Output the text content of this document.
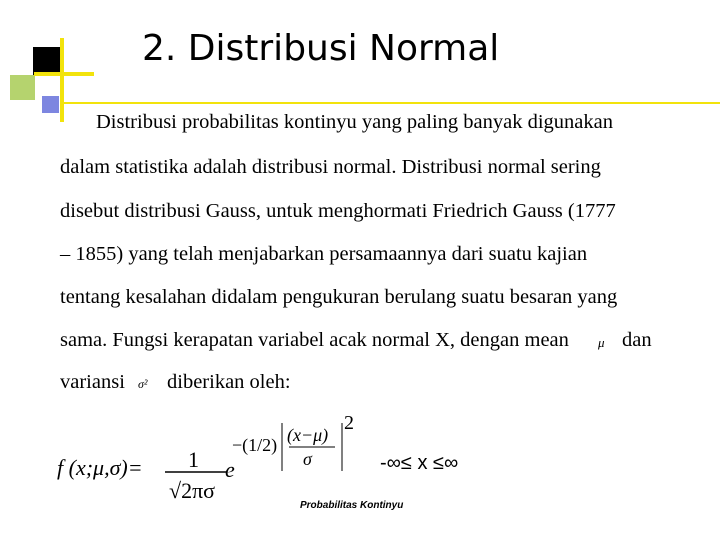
2. Distribusi Normal
Distribusi probabilitas kontinyu yang paling banyak digunakan
dalam statistika adalah distribusi normal. Distribusi normal sering
disebut distribusi Gauss, untuk menghormati Friedrich Gauss (1777
– 1855) yang telah menjabarkan persamaannya dari suatu kajian
tentang kesalahan didalam pengukuran berulang suatu besaran yang
sama. Fungsi kerapatan variabel acak normal X, dengan mean μ dan
variansi σ² diberikan oleh:
f (x;μ,σ)= 1
√2πσ
e
−(1/2) (x−μ)
σ
2
-∞≤ x ≤∞
Probabilitas Kontinyu
